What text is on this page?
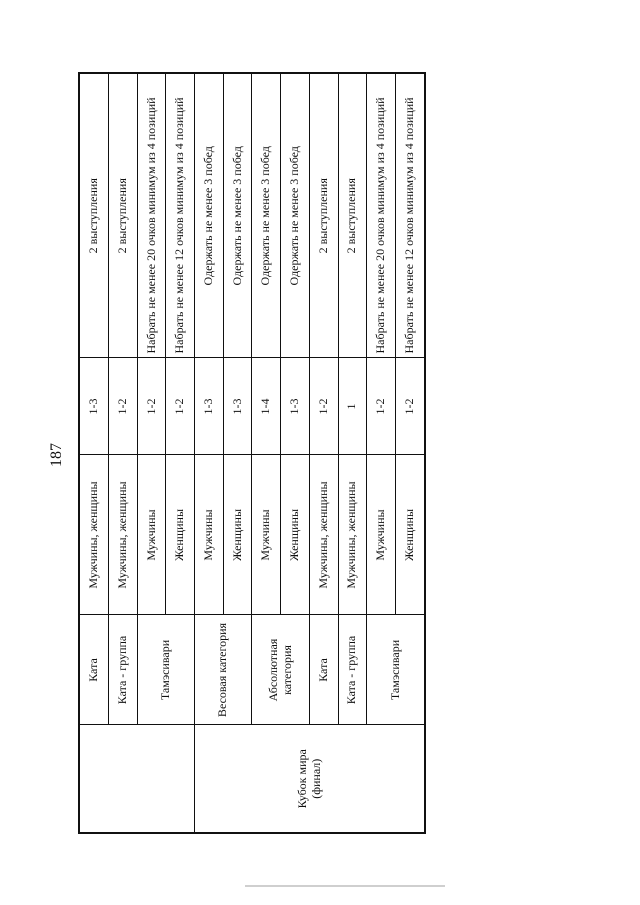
187
	Ката	Мужчины, женщины	1-3	2 выступления
	Ката - группа	Мужчины, женщины	1-2	2 выступления
	Тамэсивари	Мужчины	1-2	Набрать не менее 20 очков минимум из 4 позиций
		Женщины	1-2	Набрать не менее 12 очков минимум из 4 позиций
Кубок мира (финал)	Весовая категория	Мужчины	1-3	Одержать не менее 3 побед
		Женщины	1-3	Одержать не менее 3 побед
	Абсолютная категория	Мужчины	1-4	Одержать не менее 3 побед
		Женщины	1-3	Одержать не менее 3 побед
	Ката	Мужчины, женщины	1-2	2 выступления
	Ката - группа	Мужчины, женщины	1	2 выступления
	Тамэсивари	Мужчины	1-2	Набрать не менее 20 очков минимум из 4 позиций
		Женщины	1-2	Набрать не менее 12 очков минимум из 4 позиций
